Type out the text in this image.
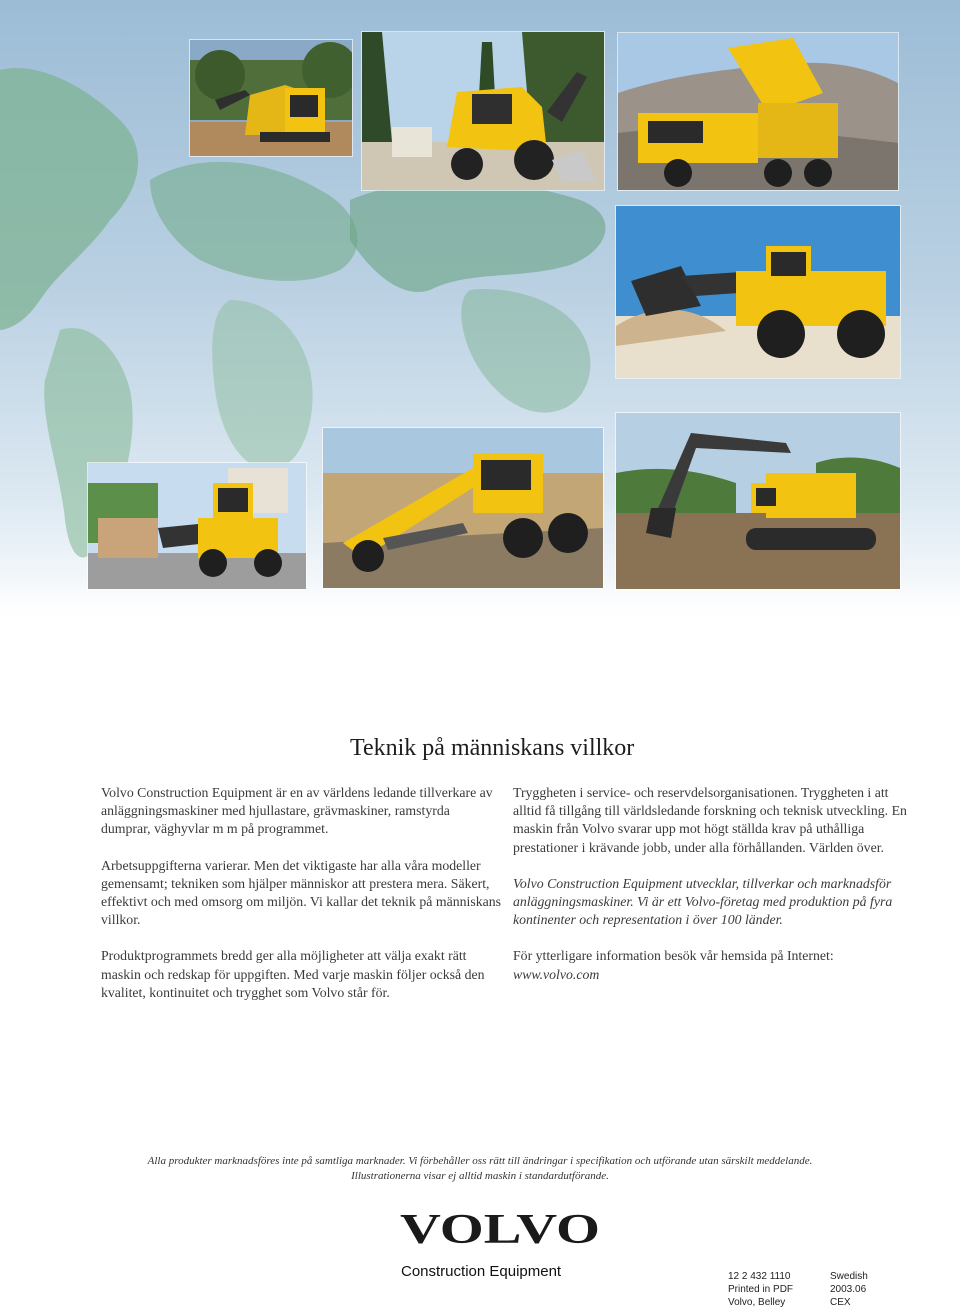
Teknik på människans villkor

Volvo Construction Equipment är en av världens ledande tillverkare av anläggningsmaskiner med hjullastare, grävmaskiner, ramstyrda dumprar, väghyvlar m m på programmet.

Arbetsuppgifterna varierar. Men det viktigaste har alla våra modeller gemensamt; tekniken som hjälper människor att prestera mera. Säkert, effektivt och med omsorg om miljön. Vi kallar det teknik på människans villkor.

Produktprogrammets bredd ger alla möjligheter att välja exakt rätt maskin och redskap för uppgiften. Med varje maskin följer också den kvalitet, kontinuitet och trygghet som Volvo står för.

Tryggheten i service- och reservdelsorganisationen. Tryggheten i att alltid få tillgång till världsledande forskning och teknisk utveckling. En maskin från Volvo svarar upp mot högt ställda krav på uthålliga prestationer i krävande jobb, under alla förhållanden. Världen över.

Volvo Construction Equipment utvecklar, tillverkar och marknadsför anläggningsmaskiner. Vi är ett Volvo-företag med produktion på fyra kontinenter och representation i över 100 länder.

För ytterligare information besök vår hemsida på Internet:
www.volvo.com

Alla produkter marknadsföres inte på samtliga marknader. Vi förbehåller oss rätt till ändringar i specifikation och utförande utan särskilt meddelande.
Illustrationerna visar ej alltid maskin i standardutförande.
VOLVO
Construction Equipment	12 2 432 1110
Printed in PDF
Volvo, Belley
Swedish
2003.06
CEX
